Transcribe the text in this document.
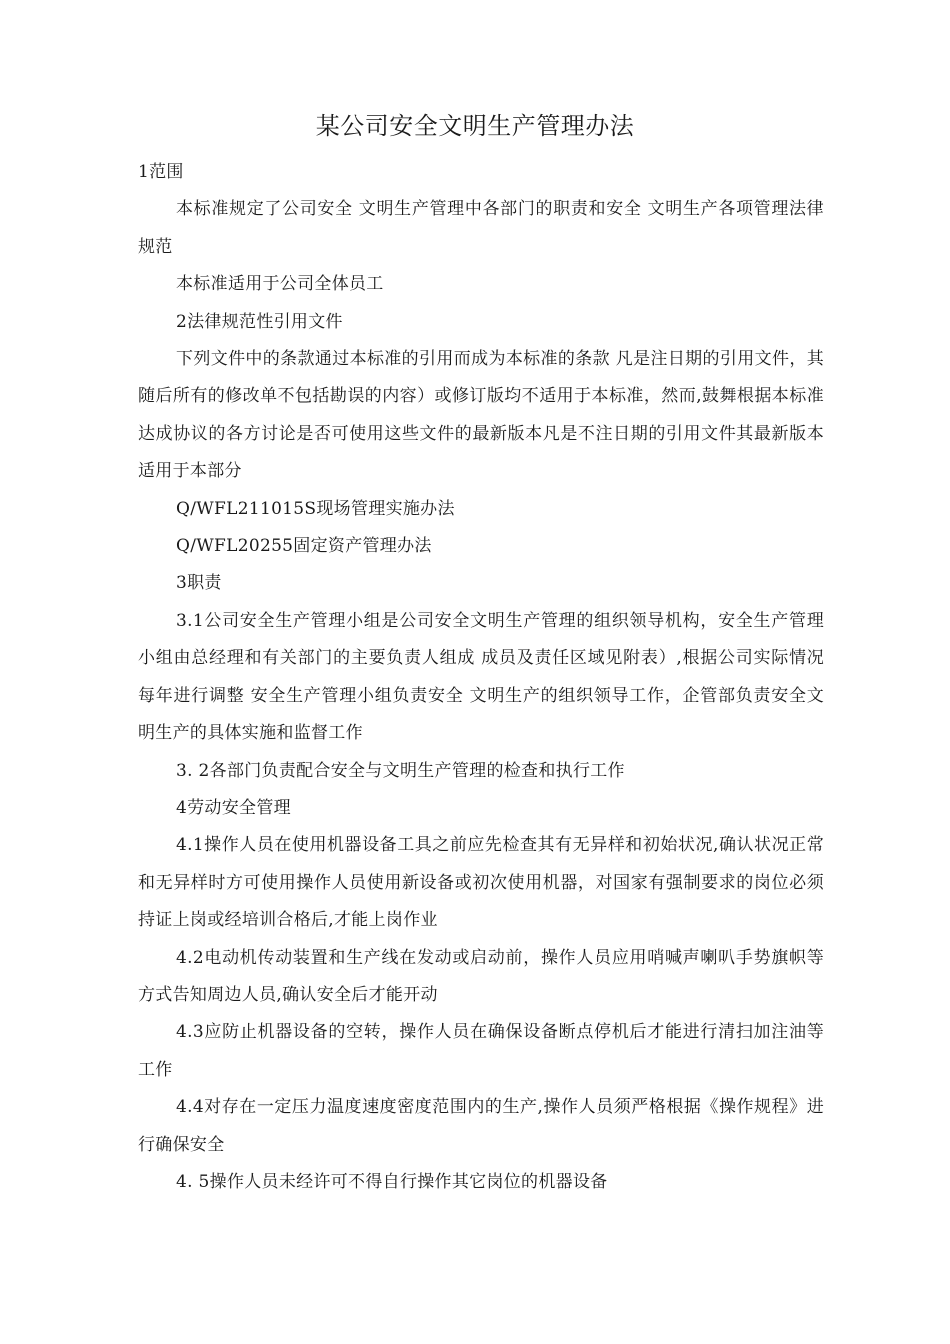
某公司安全文明生产管理办法

1范围

本标准规定了公司安全 文明生产管理中各部门的职责和安全 文明生产各项管理法律规范

本标准适用于公司全体员工

2法律规范性引用文件

下列文件中的条款通过本标准的引用而成为本标准的条款 凡是注日期的引用文件，其随后所有的修改单不包括勘误的内容）或修订版均不适用于本标准，然而,鼓舞根据本标准达成协议的各方讨论是否可使用这些文件的最新版本凡是不注日期的引用文件其最新版本适用于本部分

Q/WFL211015S现场管理实施办法

Q/WFL20255固定资产管理办法

3职责

3.1公司安全生产管理小组是公司安全文明生产管理的组织领导机构，安全生产管理小组由总经理和有关部门的主要负责人组成 成员及责任区域见附表）,根据公司实际情况每年进行调整 安全生产管理小组负责安全 文明生产的组织领导工作，企管部负责安全文明生产的具体实施和监督工作

3. 2各部门负责配合安全与文明生产管理的检查和执行工作

4劳动安全管理

4.1操作人员在使用机器设备工具之前应先检查其有无异样和初始状况,确认状况正常和无异样时方可使用操作人员使用新设备或初次使用机器，对国家有强制要求的岗位必须持证上岗或经培训合格后,才能上岗作业

4.2电动机传动装置和生产线在发动或启动前，操作人员应用哨喊声喇叭手势旗帜等方式告知周边人员,确认安全后才能开动

4.3应防止机器设备的空转，操作人员在确保设备断点停机后才能进行清扫加注油等工作

4.4对存在一定压力温度速度密度范围内的生产,操作人员须严格根据《操作规程》进行确保安全

4. 5操作人员未经许可不得自行操作其它岗位的机器设备
